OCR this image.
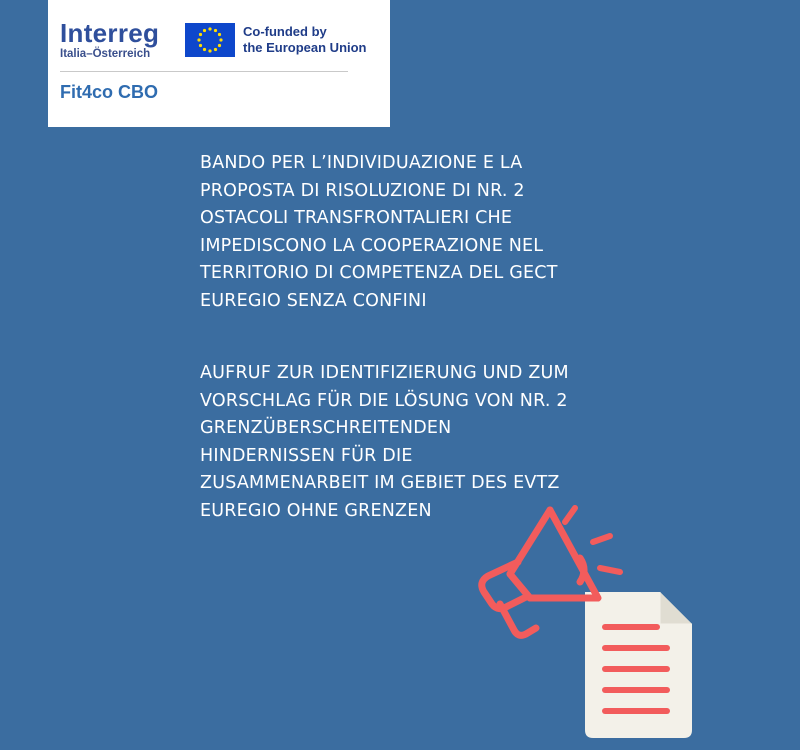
Interreg
Italia–Österreich
Co-funded by
the European Union
Fit4co CBO
BANDO PER L’INDIVIDUAZIONE E LA
PROPOSTA DI RISOLUZIONE DI NR. 2
OSTACOLI TRANSFRONTALIERI CHE
IMPEDISCONO LA COOPERAZIONE NEL
TERRITORIO DI COMPETENZA DEL GECT
EUREGIO SENZA CONFINI
AUFRUF ZUR IDENTIFIZIERUNG UND ZUM
VORSCHLAG FÜR DIE LÖSUNG VON NR. 2
GRENZÜBERSCHREITENDEN
HINDERNISSEN FÜR DIE
ZUSAMMENARBEIT IM GEBIET DES EVTZ
EUREGIO OHNE GRENZEN
